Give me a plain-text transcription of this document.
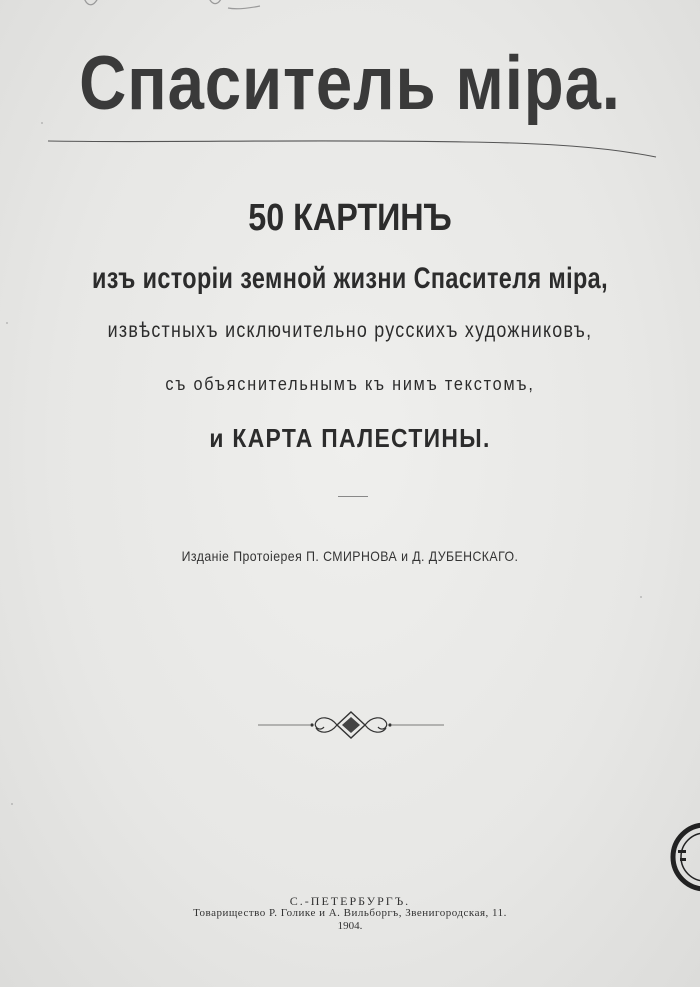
Спаситель міра.
50 КАРТИНЪ
изъ исторіи земной жизни Спасителя міра,
извѣстныхъ исключительно русскихъ художниковъ,
съ объяснительнымъ къ нимъ текстомъ,
и КАРТА ПАЛЕСТИНЫ.
Изданіе Протоіерея П. СМИРНОВА и Д. ДУБЕНСКАГО.
С.-ПЕТЕРБУРГЪ.
Товарищество Р. Голике и А. Вильборгъ, Звенигородская, 11.
1904.
